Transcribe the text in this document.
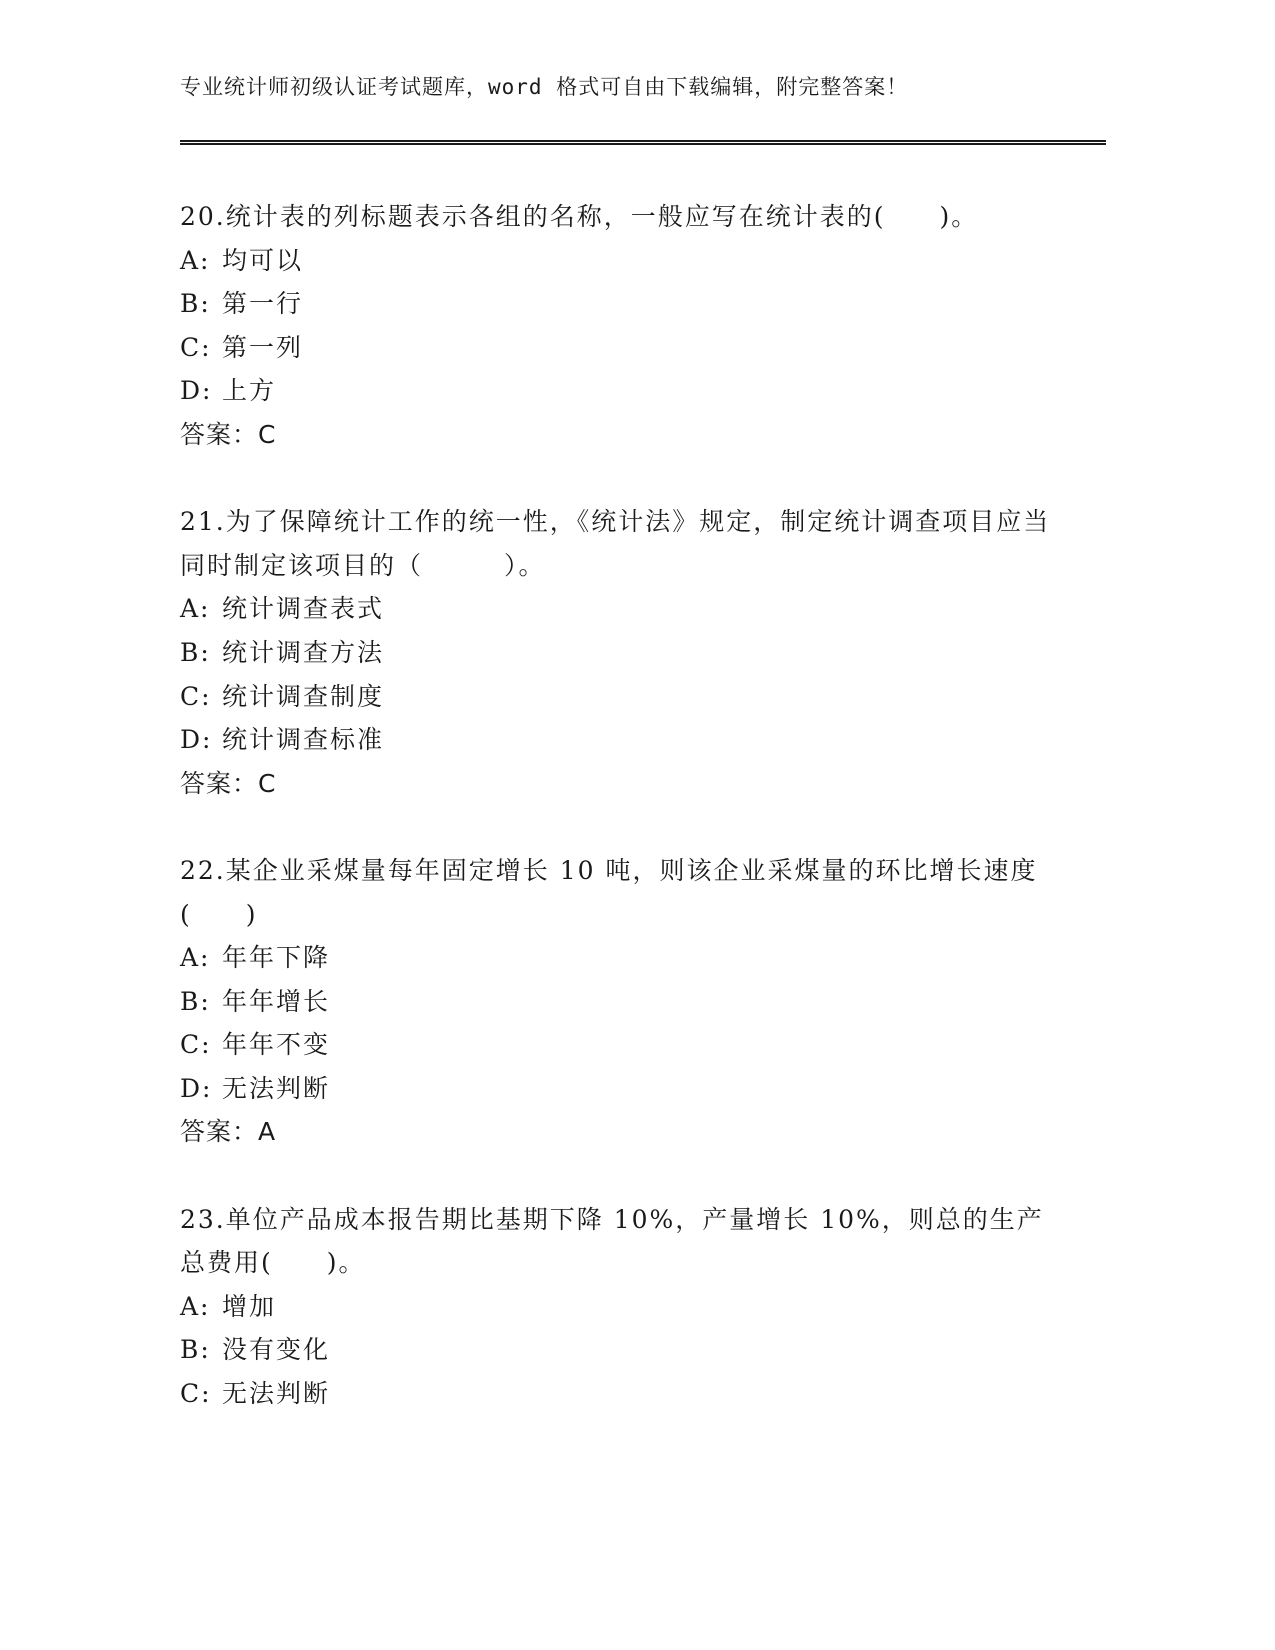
专业统计师初级认证考试题库，word 格式可自由下载编辑，附完整答案！

20.统计表的列标题表示各组的名称，一般应写在统计表的(　　)。

A: 均可以

B: 第一行

C: 第一列

D: 上方

答案：C

21.为了保障统计工作的统一性，《统计法》规定，制定统计调查项目应当同时制定该项目的（　　　）。

A: 统计调查表式

B: 统计调查方法

C: 统计调查制度

D: 统计调查标准

答案：C

22.某企业采煤量每年固定增长 10 吨，则该企业采煤量的环比增长速度(　　)

A: 年年下降

B: 年年增长

C: 年年不变

D: 无法判断

答案：A

23.单位产品成本报告期比基期下降 10%，产量增长 10%，则总的生产总费用(　　)。

A: 增加

B: 没有变化

C: 无法判断
